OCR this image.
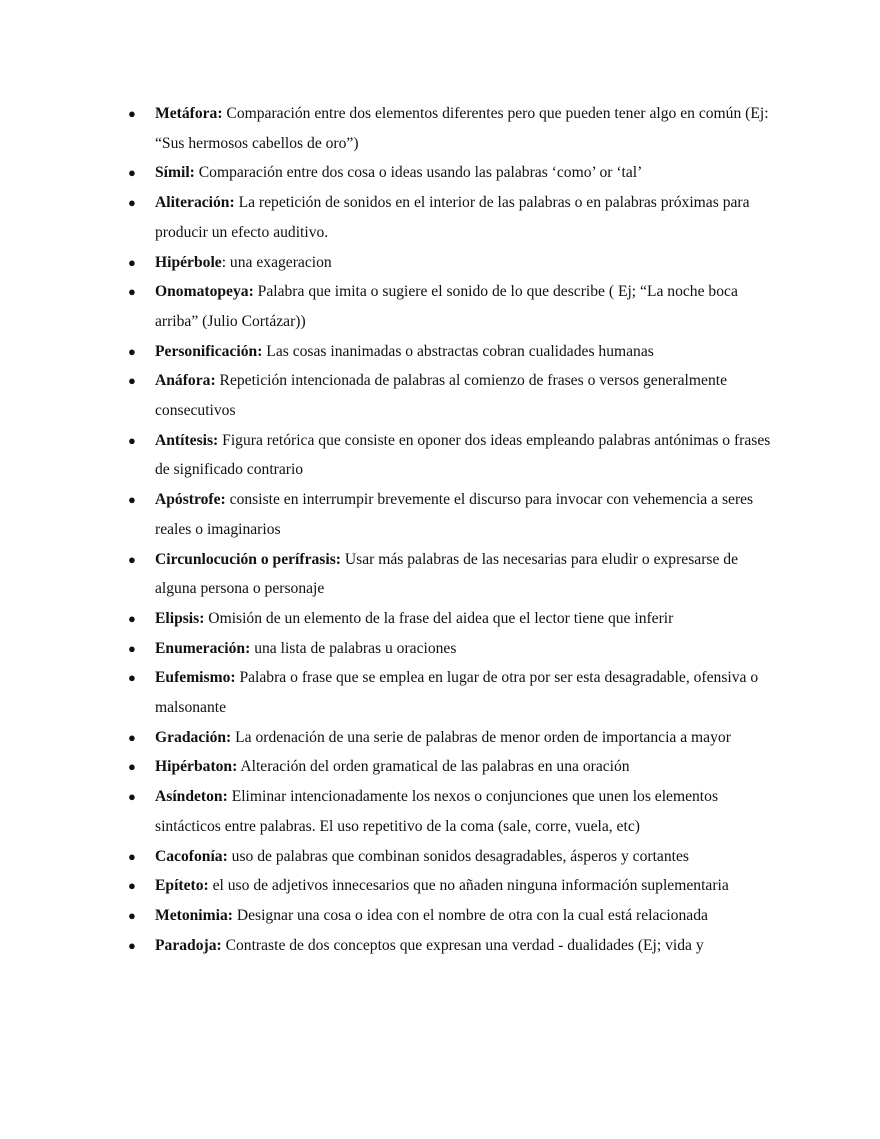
●	Metáfora: Comparación entre dos elementos diferentes pero que pueden tener algo en común (Ej: “Sus hermosos cabellos de oro”)
●	Símil: Comparación entre dos cosa o ideas usando las palabras ‘como’ or ‘tal’
●	Aliteración: La repetición de sonidos en el interior de las palabras o en palabras próximas para producir un efecto auditivo.
●	Hipérbole: una exageracion
●	Onomatopeya: Palabra que imita o sugiere el sonido de lo que describe ( Ej; “La noche boca arriba” (Julio Cortázar))
●	Personificación: Las cosas inanimadas o abstractas cobran cualidades humanas
●	Anáfora: Repetición intencionada de palabras al comienzo de frases o versos generalmente consecutivos
●	Antítesis: Figura retórica que consiste en oponer dos ideas empleando palabras antónimas o frases de significado contrario
●	Apóstrofe: consiste en interrumpir brevemente el discurso para invocar con vehemencia a seres reales o imaginarios
●	Circunlocución o perífrasis: Usar más palabras de las necesarias para eludir o expresarse de alguna persona o personaje
●	Elipsis: Omisión de un elemento de la frase del aidea que el lector tiene que inferir
●	Enumeración: una lista de palabras u oraciones
●	Eufemismo: Palabra o frase que se emplea en lugar de otra por ser esta desagradable, ofensiva o malsonante
●	Gradación: La ordenación de una serie de palabras de menor orden de importancia a mayor
●	Hipérbaton: Alteración del orden gramatical de las palabras en una oración
●	Asíndeton: Eliminar intencionadamente los nexos o conjunciones que unen los elementos sintácticos entre palabras. El uso repetitivo de la coma (sale, corre, vuela, etc)
●	Cacofonía: uso de palabras que combinan sonidos desagradables, ásperos y cortantes
●	Epíteto: el uso de adjetivos innecesarios que no añaden ninguna información suplementaria
●	Metonimia: Designar una cosa o idea con el nombre de otra con la cual está relacionada
●	Paradoja: Contraste de dos conceptos que expresan una verdad - dualidades (Ej; vida y
